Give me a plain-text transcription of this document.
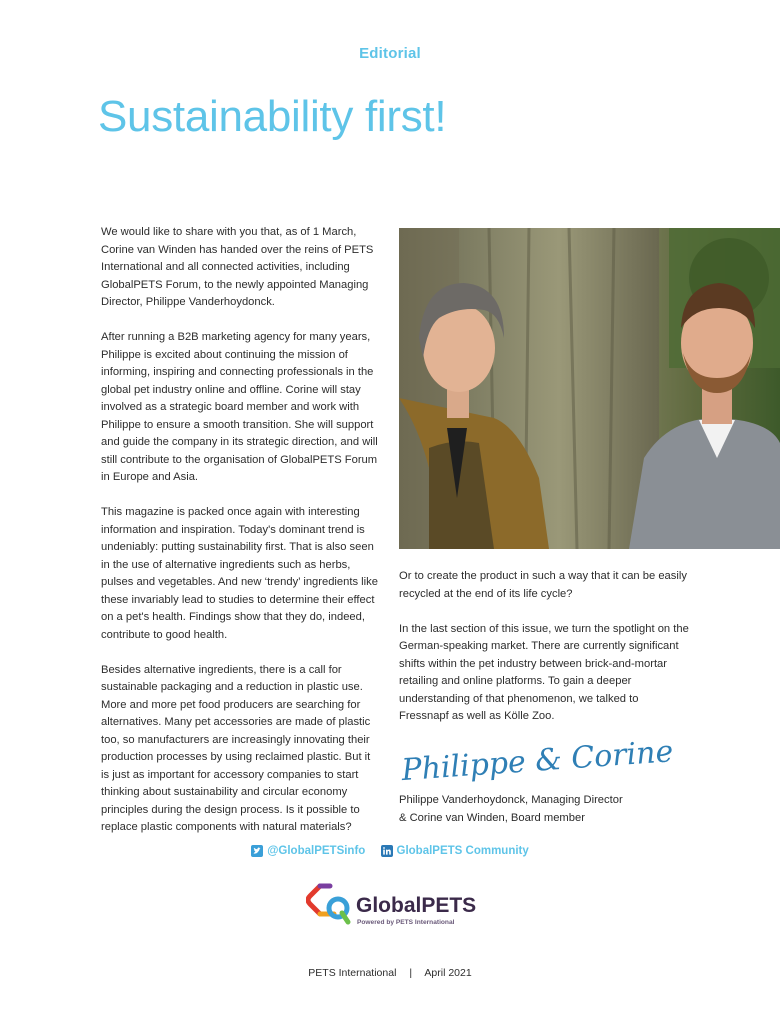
Editorial
Sustainability first!

We would like to share with you that, as of 1 March, Corine van Winden has handed over the reins of PETS International and all connected activities, including GlobalPETS Forum, to the newly appointed Managing Director, Philippe Vanderhoydonck.

After running a B2B marketing agency for many years, Philippe is excited about continuing the mission of informing, inspiring and connecting professionals in the global pet industry online and offline. Corine will stay involved as a strategic board member and work with Philippe to ensure a smooth transition. She will support and guide the company in its strategic direction, and will still contribute to the organisation of GlobalPETS Forum in Europe and Asia.

This magazine is packed once again with interesting information and inspiration. Today's dominant trend is undeniably: putting sustainability first. That is also seen in the use of alternative ingredients such as herbs, pulses and vegetables. And new ‘trendy’ ingredients like these invariably lead to studies to determine their effect on a pet's health. Findings show that they do, indeed, contribute to good health.

Besides alternative ingredients, there is a call for sustainable packaging and a reduction in plastic use. More and more pet food producers are searching for alternatives. Many pet accessories are made of plastic too, so manufacturers are increasingly innovating their production processes by using reclaimed plastic. But it is just as important for accessory companies to start thinking about sustainability and circular economy principles during the design process. Is it possible to replace plastic components with natural materials?

Or to create the product in such a way that it can be easily recycled at the end of its life cycle?

In the last section of this issue, we turn the spotlight on the German-speaking market. There are currently significant shifts within the pet industry between brick-and-mortar retailing and online platforms. To gain a deeper understanding of that phenomenon, we talked to Fressnapf as well as Kölle Zoo.

Philippe & Corine
Philippe Vanderhoydonck, Managing Director
& Corine van Winden, Board member
@GlobalPETSinfo
	GlobalPETS Community
GlobalPETS
Powered by PETS International
PETS International | April 2021
